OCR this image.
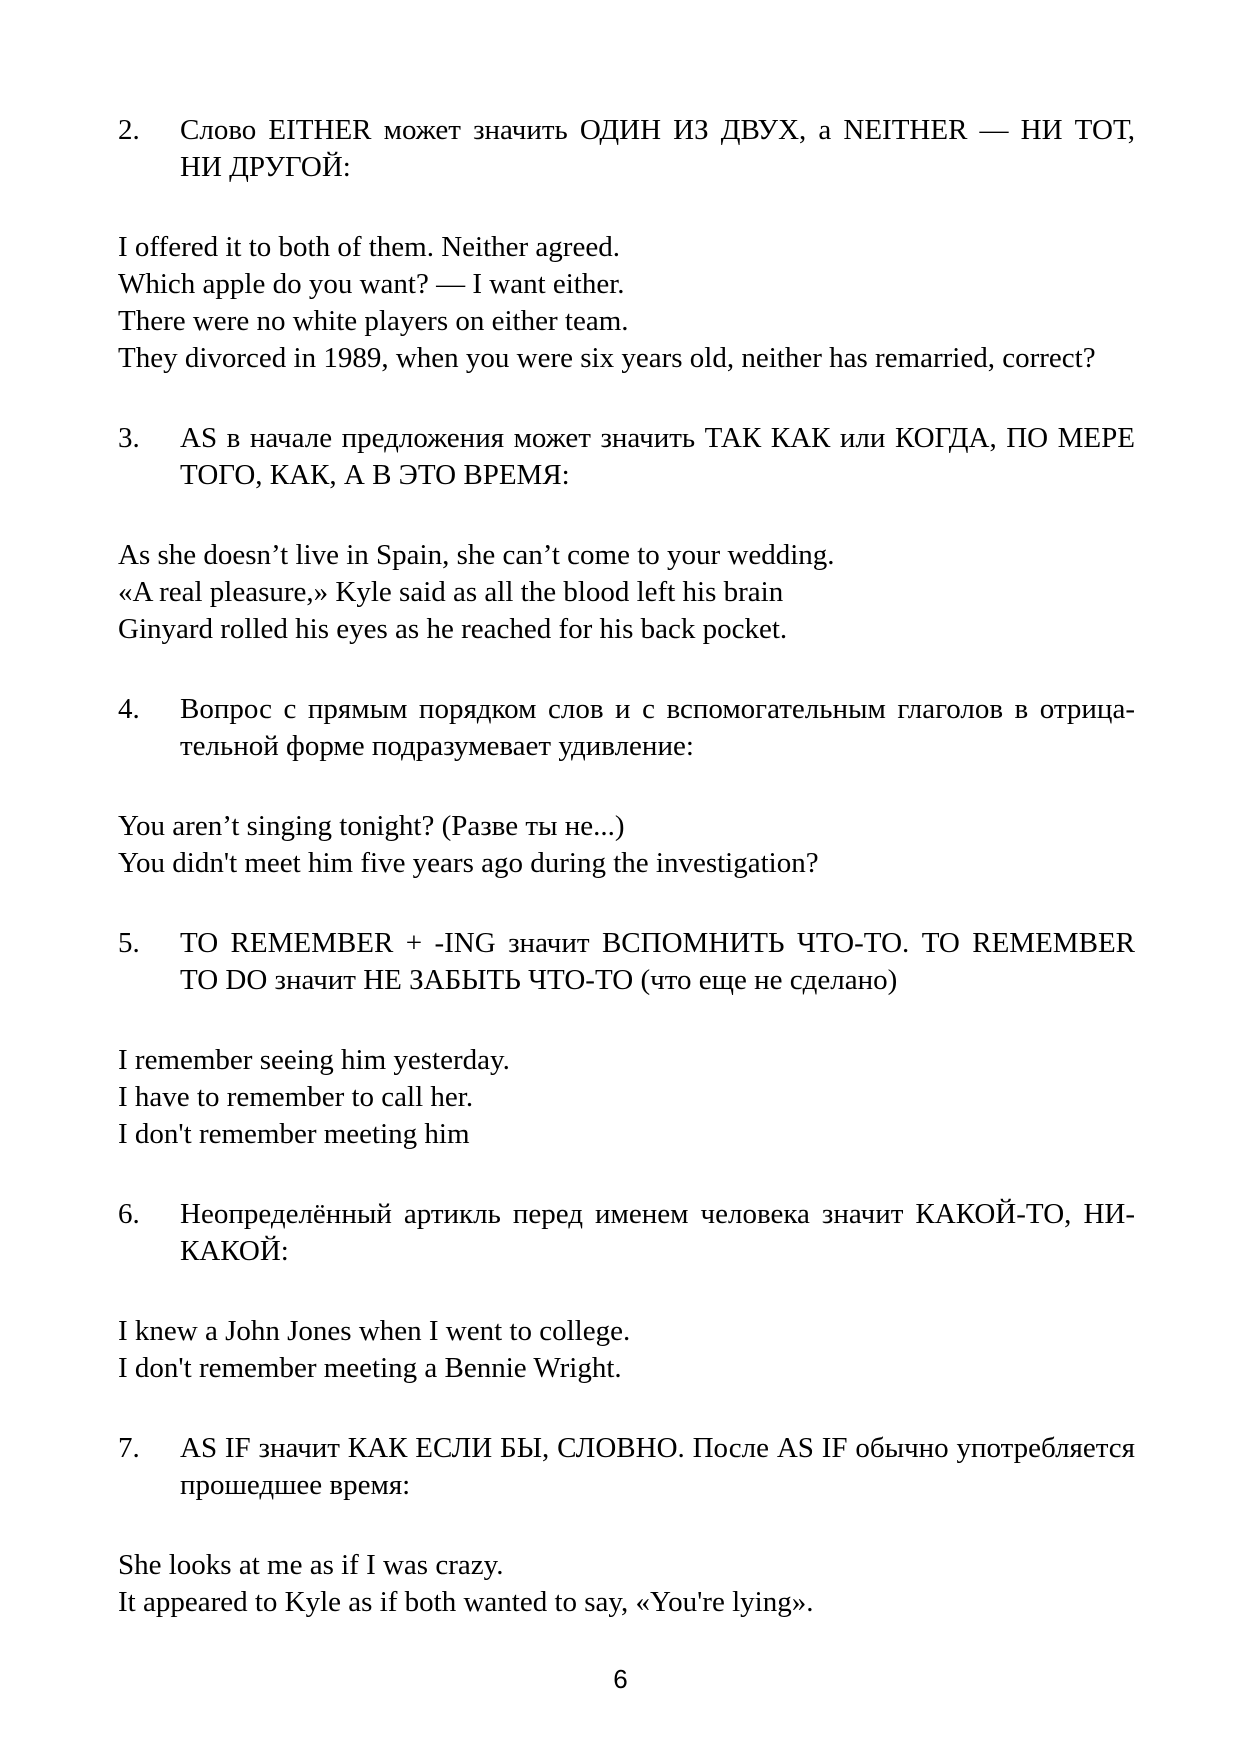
2. Слово EITHER может значить ОДИН ИЗ ДВУХ, а NEITHER — НИ ТОТ,
НИ ДРУГОЙ:
I offered it to both of them. Neither agreed.
Which apple do you want? — I want either.
There were no white players on either team.
They divorced in 1989, when you were six years old, neither has remarried, correct?
3. AS в начале предложения может значить ТАК КАК или КОГДА, ПО МЕРЕ
ТОГО, КАК, А В ЭТО ВРЕМЯ:
As she doesn’t live in Spain, she can’t come to your wedding.
«A real pleasure,» Kyle said as all the blood left his brain
Ginyard rolled his eyes as he reached for his back pocket.
4. Вопрос с прямым порядком слов и с вспомогательным глаголов в отрица-
тельной форме подразумевает удивление:
You aren’t singing tonight? (Разве ты не...)
You didn't meet him five years ago during the investigation?
5. TO REMEMBER + -ING значит ВСПОМНИТЬ ЧТО-ТО. TO REMEMBER
TO DO значит НЕ ЗАБЫТЬ ЧТО-ТО (что еще не сделано)
I remember seeing him yesterday.
I have to remember to call her.
I don't remember meeting him
6. Неопределённый артикль перед именем человека значит КАКОЙ-ТО, НИ-
КАКОЙ:
I knew a John Jones when I went to college.
I don't remember meeting a Bennie Wright.
7. AS IF значит КАК ЕСЛИ БЫ, СЛОВНО. После AS IF обычно употребляется
прошедшее время:
She looks at me as if I was crazy.
It appeared to Kyle as if both wanted to say, «You're lying».
6
